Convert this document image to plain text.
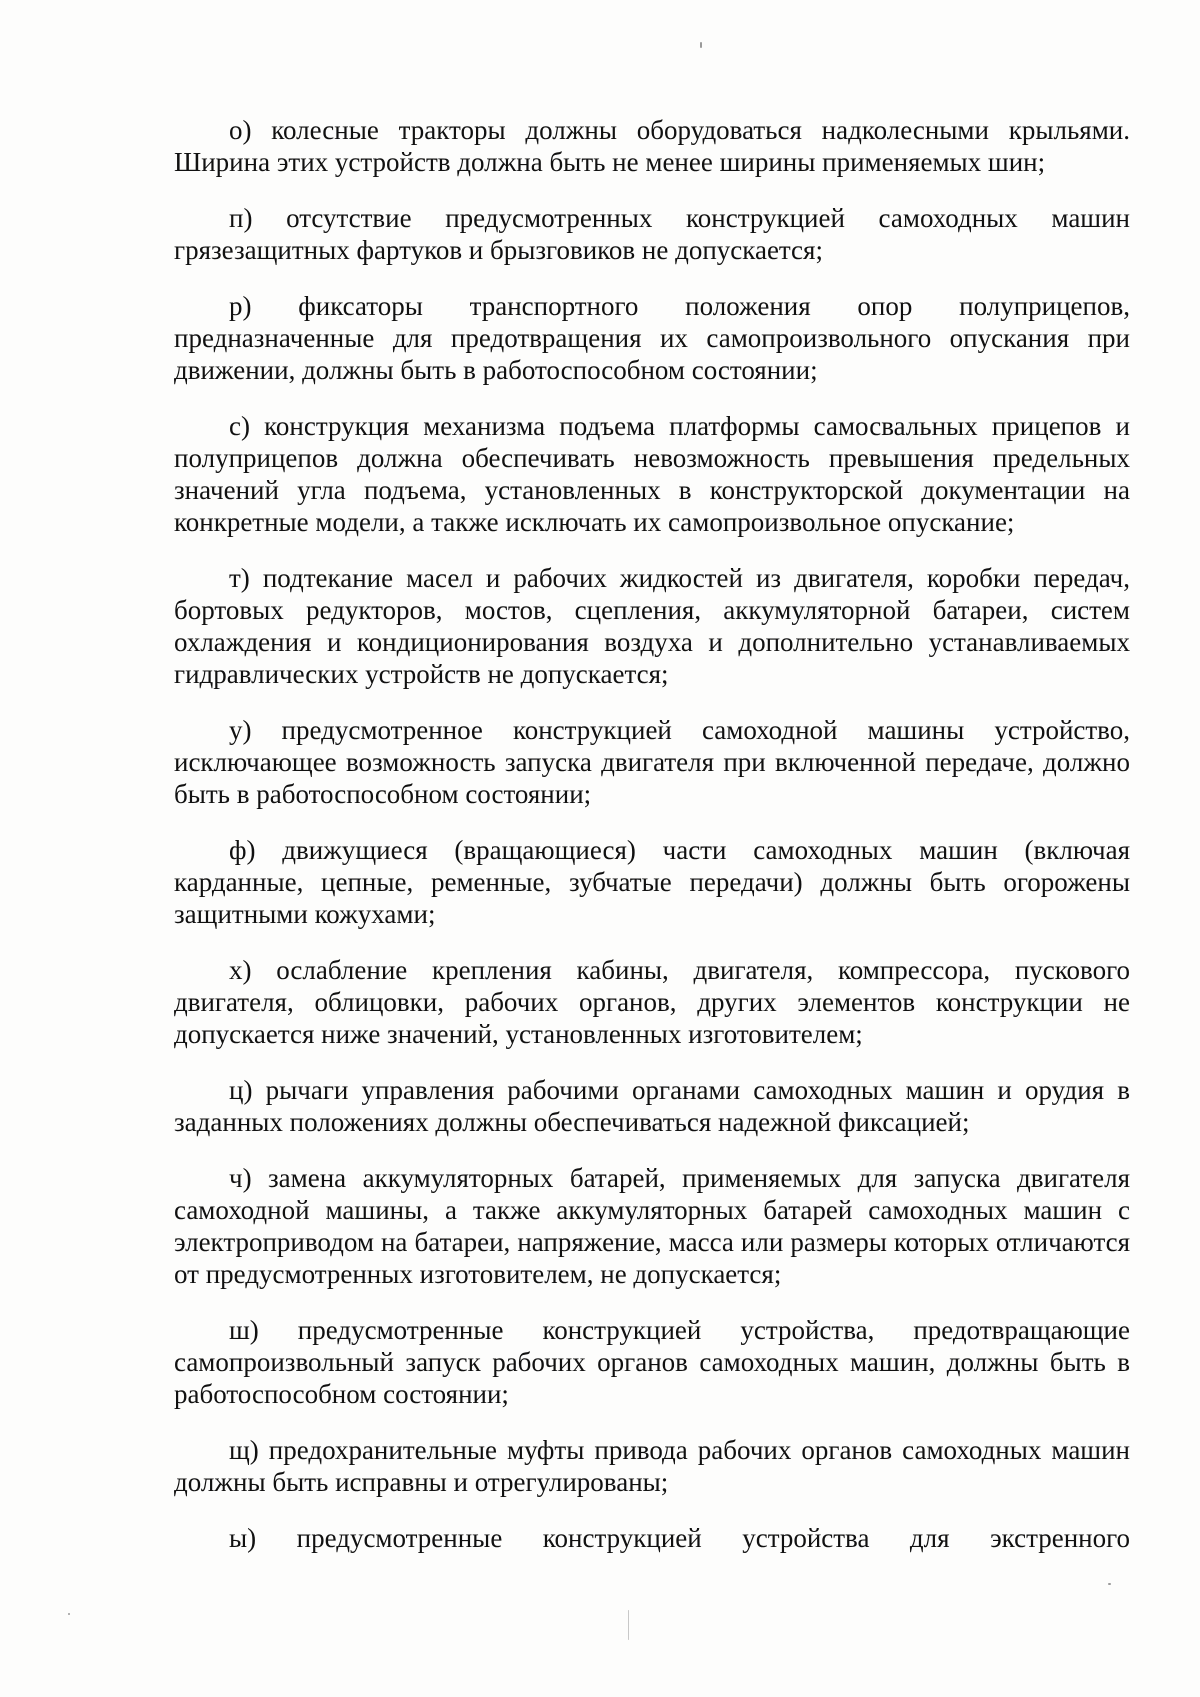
о) колесные тракторы должны оборудоваться надколесными крыльями. Ширина этих устройств должна быть не менее ширины применяемых шин;

п) отсутствие предусмотренных конструкцией самоходных машин грязезащитных фартуков и брызговиков не допускается;

р) фиксаторы транспортного положения опор полуприцепов, предназначенные для предотвращения их самопроизвольного опускания при движении, должны быть в работоспособном состоянии;

с) конструкция механизма подъема платформы самосвальных прицепов и полуприцепов должна обеспечивать невозможность превышения предельных значений угла подъема, установленных в конструкторской документации на конкретные модели, а также исключать их самопроизвольное опускание;

т) подтекание масел и рабочих жидкостей из двигателя, коробки передач, бортовых редукторов, мостов, сцепления, аккумуляторной батареи, систем охлаждения и кондиционирования воздуха и дополнительно устанавливаемых гидравлических устройств не допускается;

у) предусмотренное конструкцией самоходной машины устройство, исключающее возможность запуска двигателя при включенной передаче, должно быть в работоспособном состоянии;

ф) движущиеся (вращающиеся) части самоходных машин (включая карданные, цепные, ременные, зубчатые передачи) должны быть огорожены защитными кожухами;

х) ослабление крепления кабины, двигателя, компрессора, пускового двигателя, облицовки, рабочих органов, других элементов конструкции не допускается ниже значений, установленных изготовителем;

ц) рычаги управления рабочими органами самоходных машин и орудия в заданных положениях должны обеспечиваться надежной фиксацией;

ч) замена аккумуляторных батарей, применяемых для запуска двигателя самоходной машины, а также аккумуляторных батарей самоходных машин с электроприводом на батареи, напряжение, масса или размеры которых отличаются от предусмотренных изготовителем, не допускается;

ш) предусмотренные конструкцией устройства, предотвращающие самопроизвольный запуск рабочих органов самоходных машин, должны быть в работоспособном состоянии;

щ) предохранительные муфты привода рабочих органов самоходных машин должны быть исправны и отрегулированы;

ы) предусмотренные конструкцией устройства для экстренного
